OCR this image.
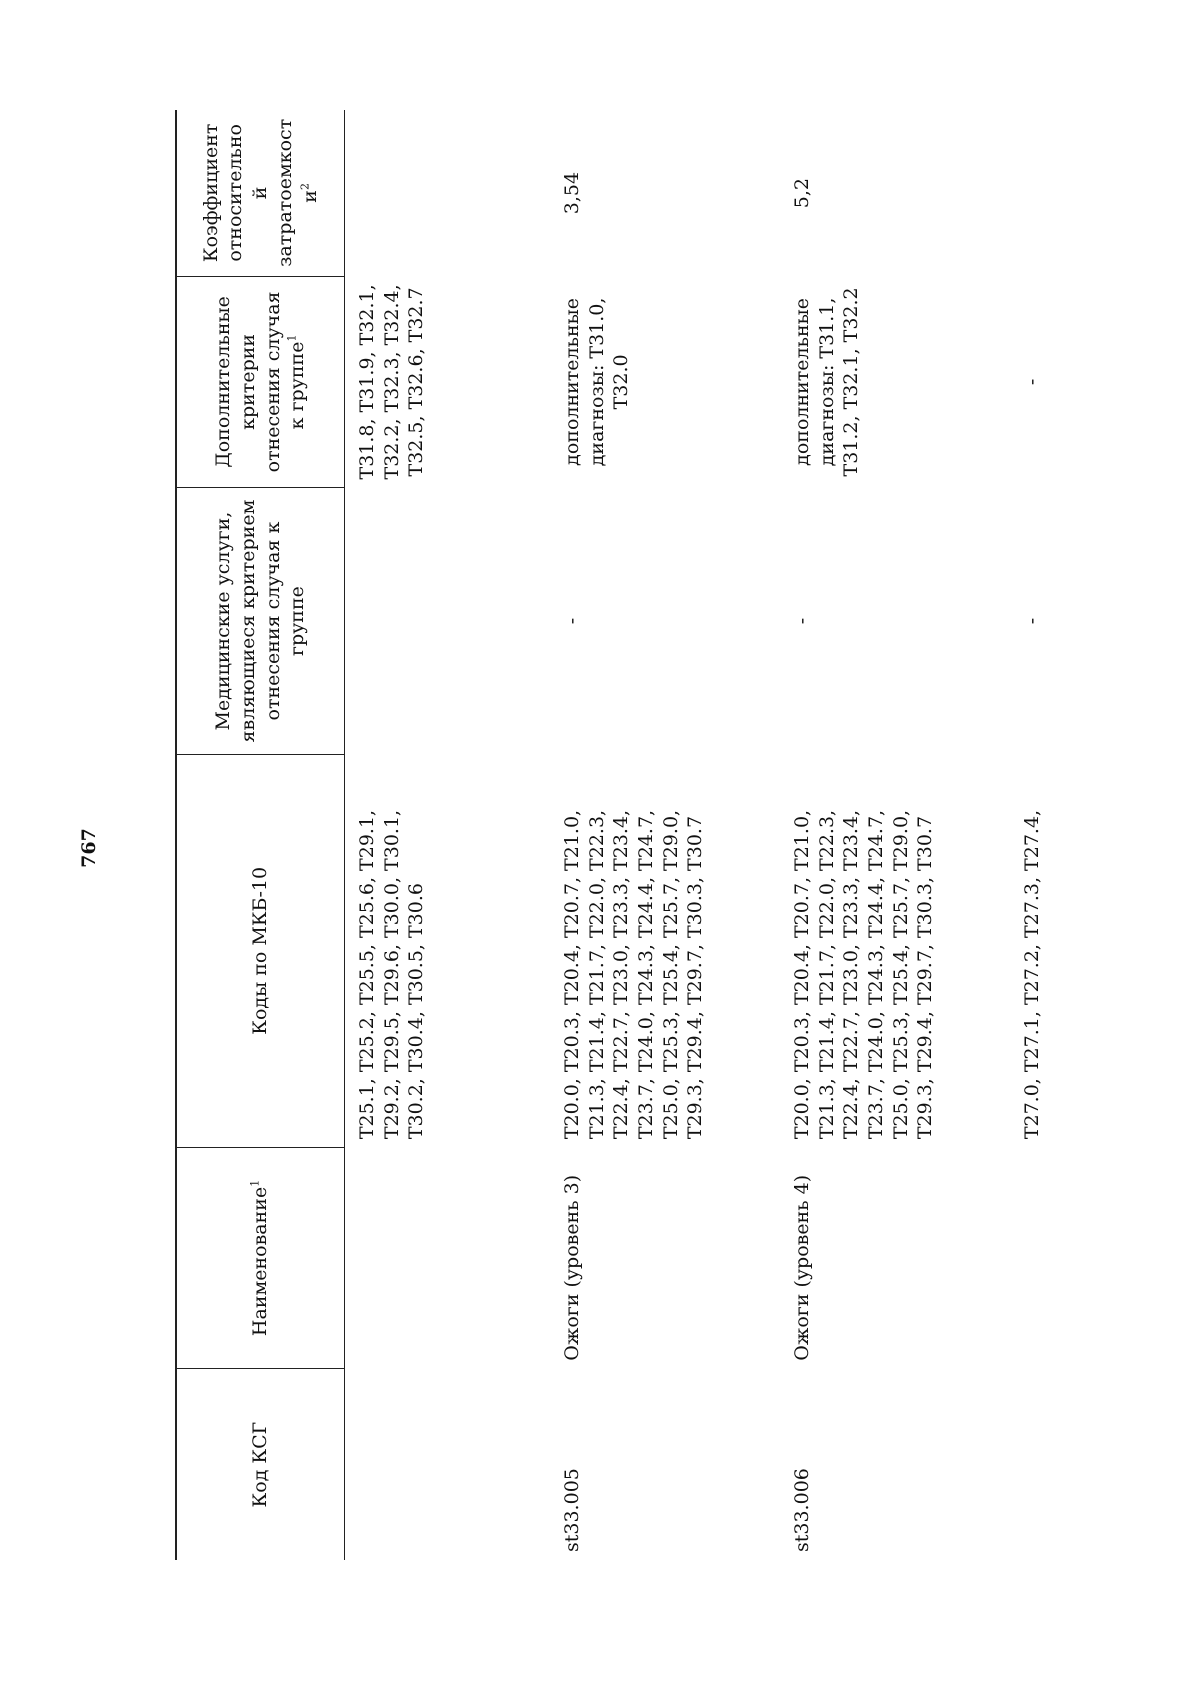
767
Код КСГ	Наименование$^1$	Коды по МКБ-10	Медицинские услуги, являющиеся критерием отнесения случая к группе	Дополнительные критерии отнесения случая к группе$^1$	Коэффициент относительно й затратоемкост $и^2$
		T25.1, T25.2, T25.5, T25.6, T29.1, T29.2, T29.5, T29.6, T30.0, T30.1, T30.2, T30.4, T30.5, T30.6		T31.8, T31.9, T32.1, T32.2, T32.3, T32.4, T32.5, T32.6, T32.7	
st33.005	Ожоги (уровень 3)	T20.0, T20.3, T20.4, T20.7, T21.0, T21.3, T21.4, T21.7, T22.0, T22.3, T22.4, T22.7, T23.0, T23.3, T23.4, T23.7, T24.0, T24.3, T24.4, T24.7, T25.0, T25.3, T25.4, T25.7, T29.0, T29.3, T29.4, T29.7, T30.3, T30.7	-	дополнительные диагнозы: T31.0, T32.0	3,54
st33.006	Ожоги (уровень 4)	T20.0, T20.3, T20.4, T20.7, T21.0, T21.3, T21.4, T21.7, T22.0, T22.3, T22.4, T22.7, T23.0, T23.3, T23.4, T23.7, T24.0, T24.3, T24.4, T24.7, T25.0, T25.3, T25.4, T25.7, T29.0, T29.3, T29.4, T29.7, T30.3, T30.7	-	дополнительные диагнозы: T31.1, T31.2, T32.1, T32.2	5,2
		T27.0, T27.1, T27.2, T27.3, T27.4,	-	-	
